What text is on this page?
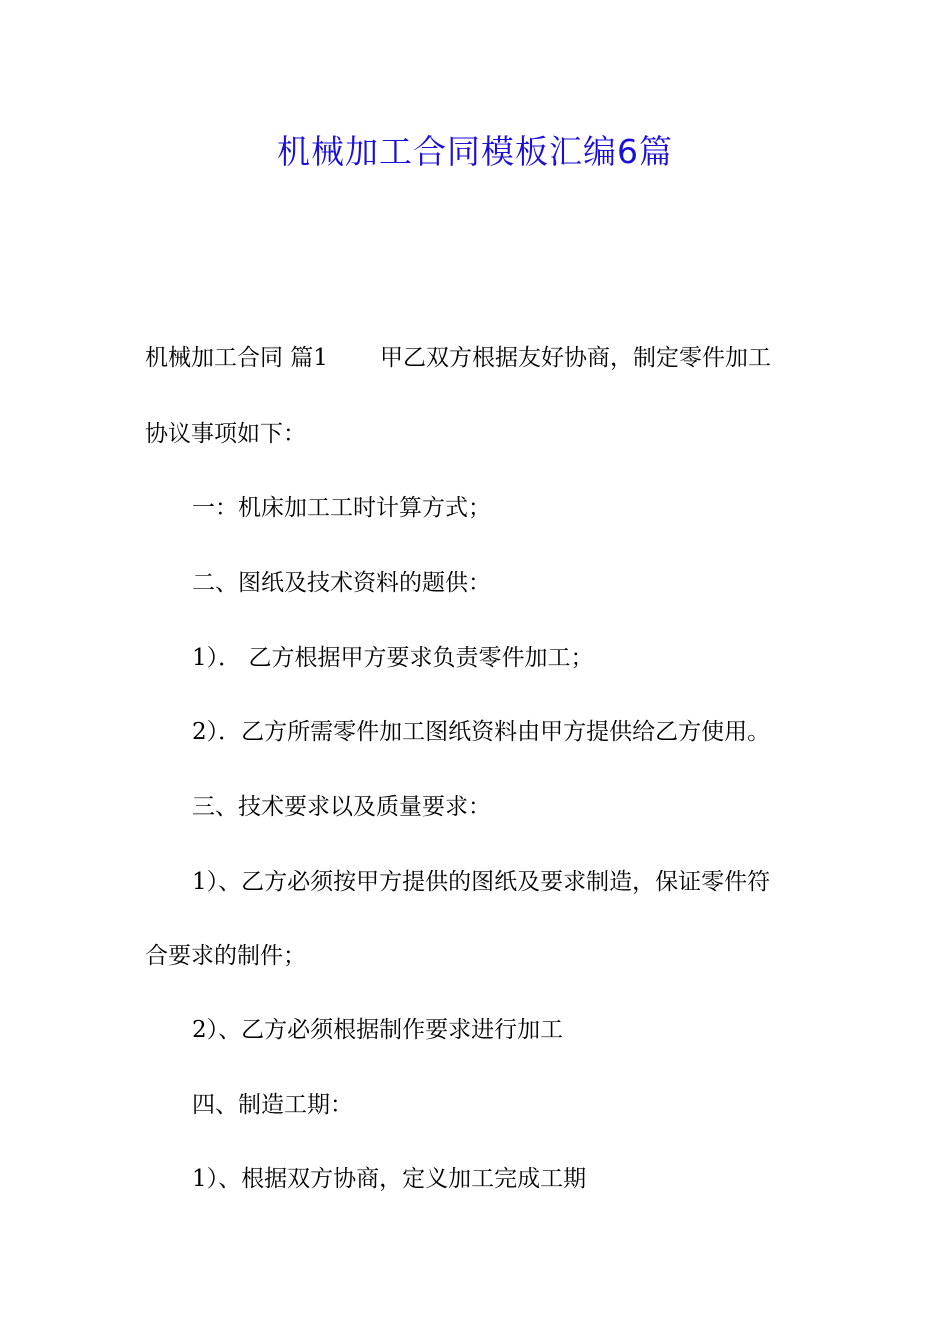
机械加工合同模板汇编6篇

机械加工合同 篇1 甲乙双方根据友好协商，制定零件加工

协议事项如下：

一：机床加工工时计算方式；

二、图纸及技术资料的题供：

1）． 乙方根据甲方要求负责零件加工；

2）．乙方所需零件加工图纸资料由甲方提供给乙方使用。

三、技术要求以及质量要求：

1）、乙方必须按甲方提供的图纸及要求制造，保证零件符

合要求的制件；

2）、乙方必须根据制作要求进行加工

四、制造工期：

1）、根据双方协商，定义加工完成工期
